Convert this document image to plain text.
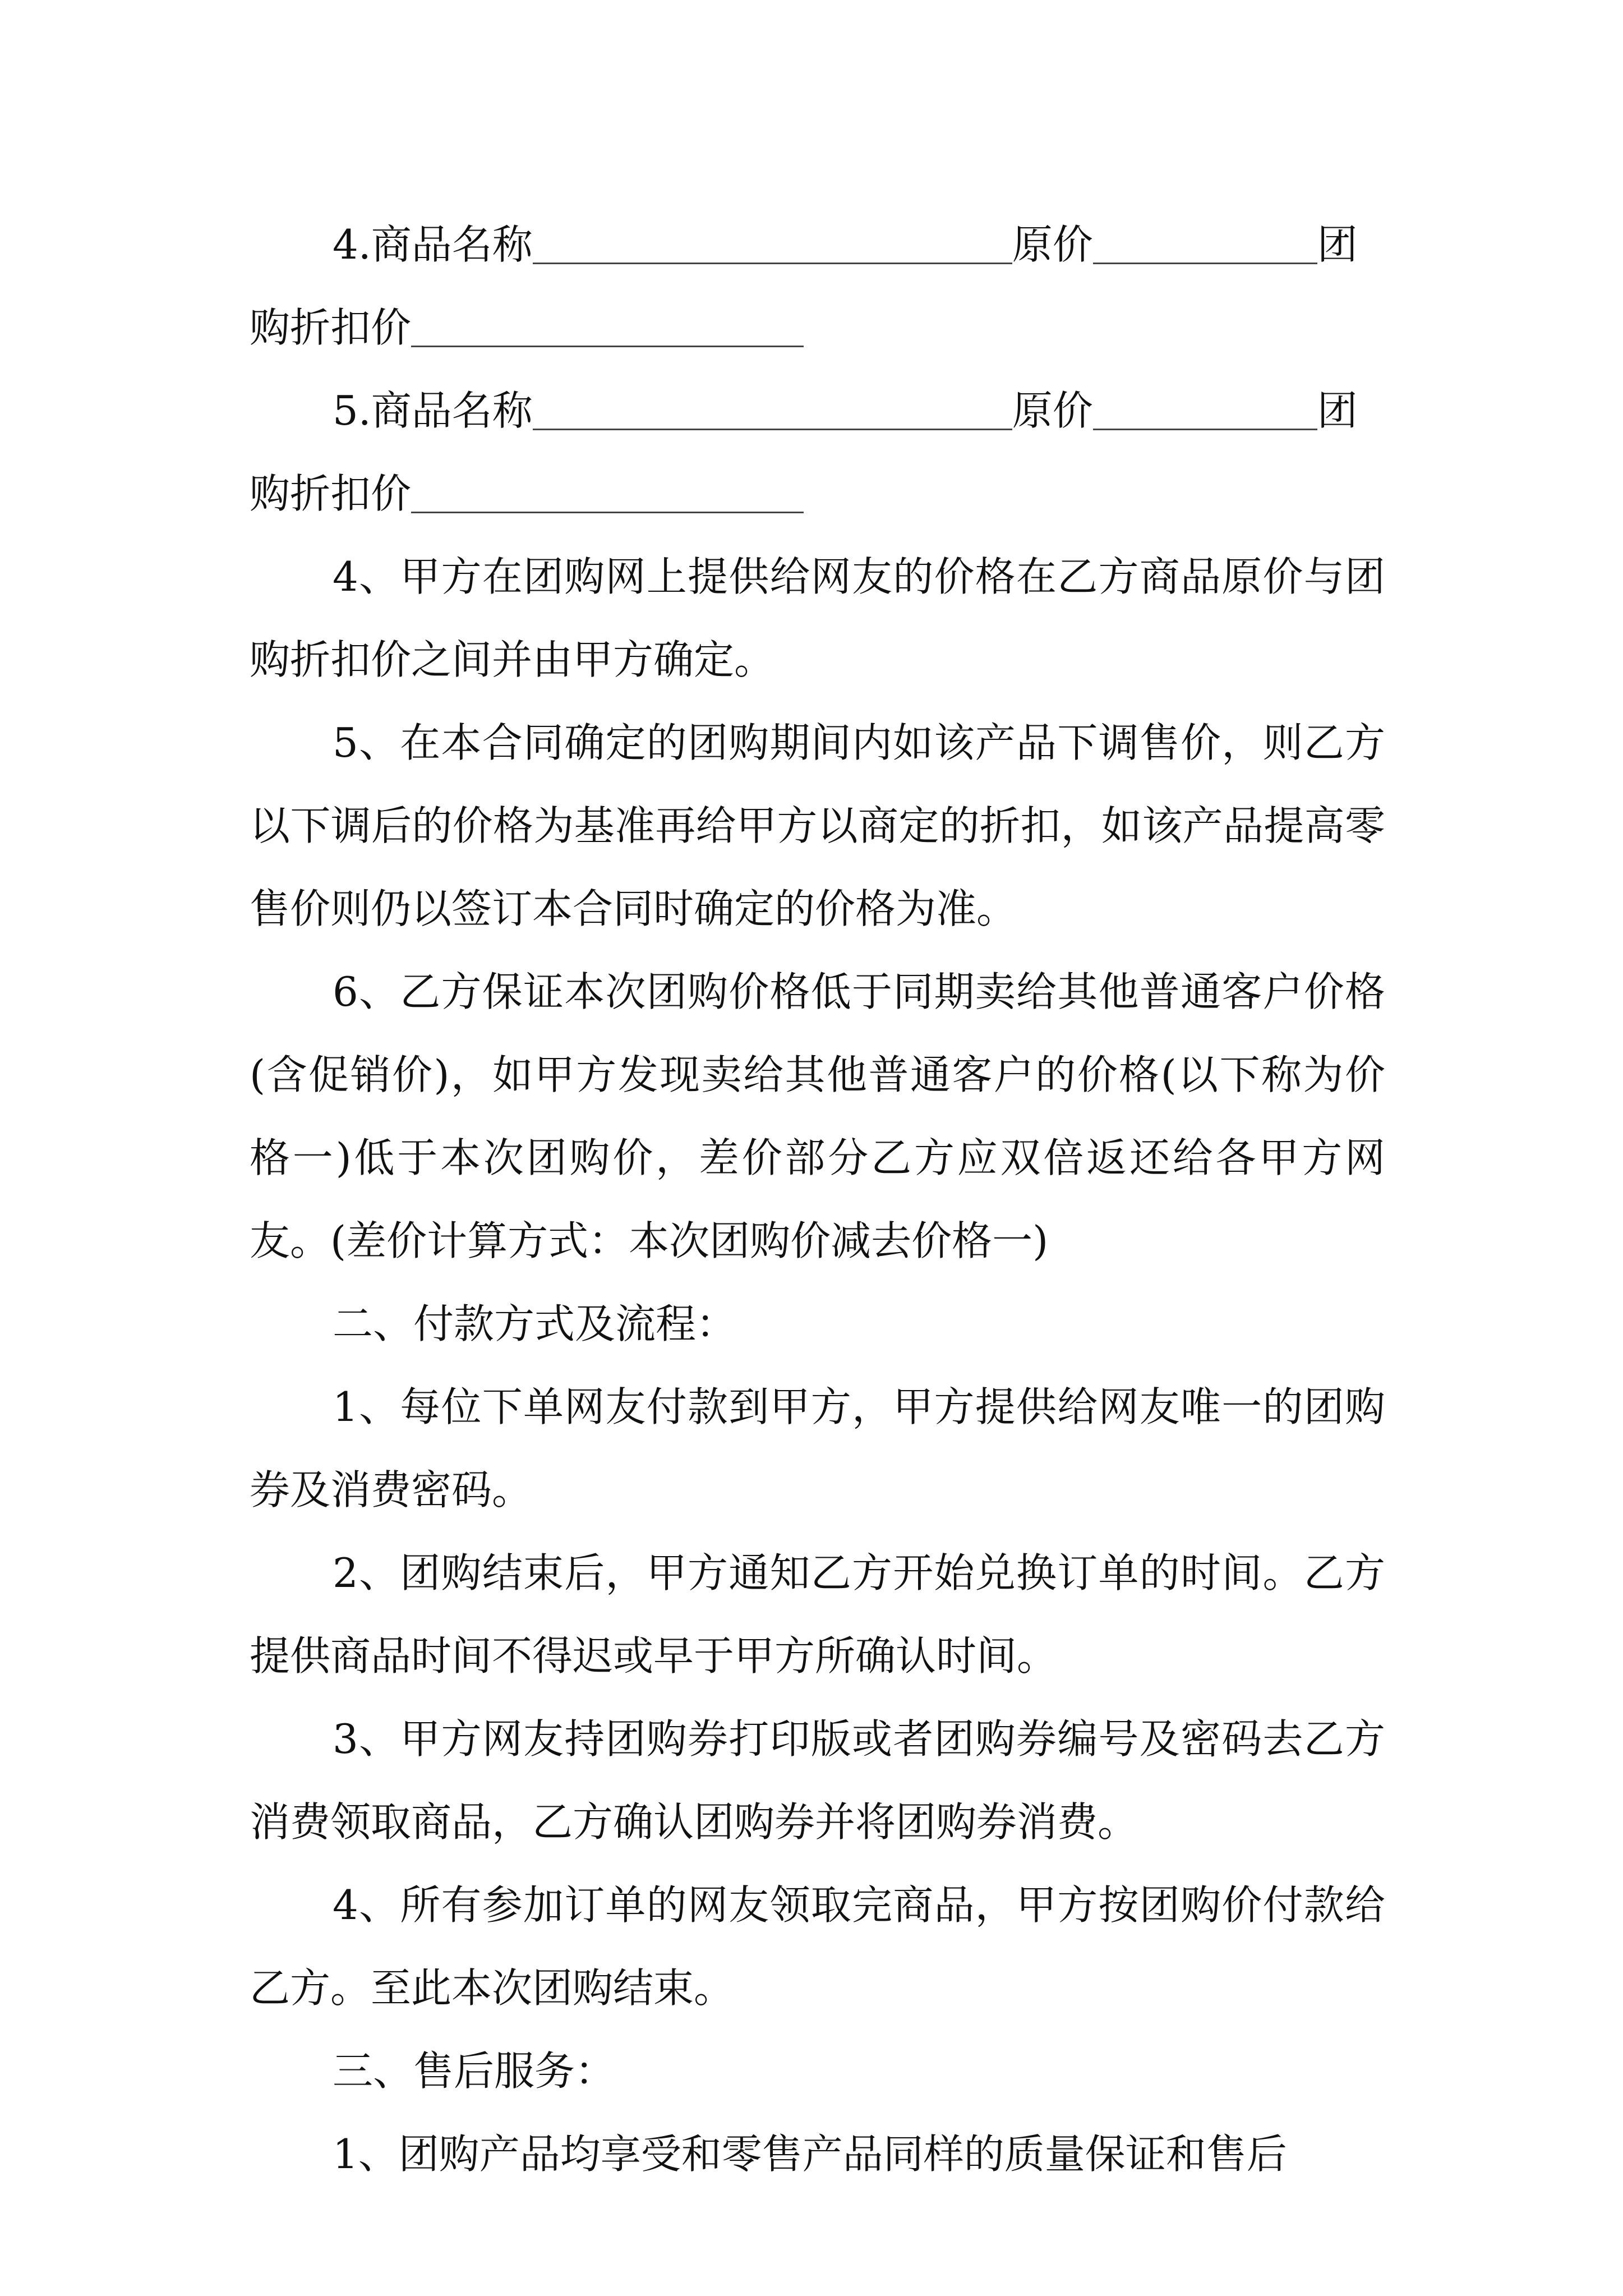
4.商品名称	原价	团
购折扣价
5.商品名称	原价	团
购折扣价

4、甲方在团购网上提供给网友的价格在乙方商品原价与团购折扣价之间并由甲方确定。

5、在本合同确定的团购期间内如该产品下调售价，则乙方以下调后的价格为基准再给甲方以商定的折扣，如该产品提高零售价则仍以签订本合同时确定的价格为准。

6、乙方保证本次团购价格低于同期卖给其他普通客户价格(含促销价)，如甲方发现卖给其他普通客户的价格(以下称为价格一)低于本次团购价，差价部分乙方应双倍返还给各甲方网友。(差价计算方式：本次团购价减去价格一)

二、付款方式及流程：

1、每位下单网友付款到甲方，甲方提供给网友唯一的团购券及消费密码。

2、团购结束后，甲方通知乙方开始兑换订单的时间。乙方提供商品时间不得迟或早于甲方所确认时间。

3、甲方网友持团购券打印版或者团购券编号及密码去乙方消费领取商品，乙方确认团购券并将团购券消费。

4、所有参加订单的网友领取完商品，甲方按团购价付款给乙方。至此本次团购结束。

三、售后服务：

1、团购产品均享受和零售产品同样的质量保证和售后
